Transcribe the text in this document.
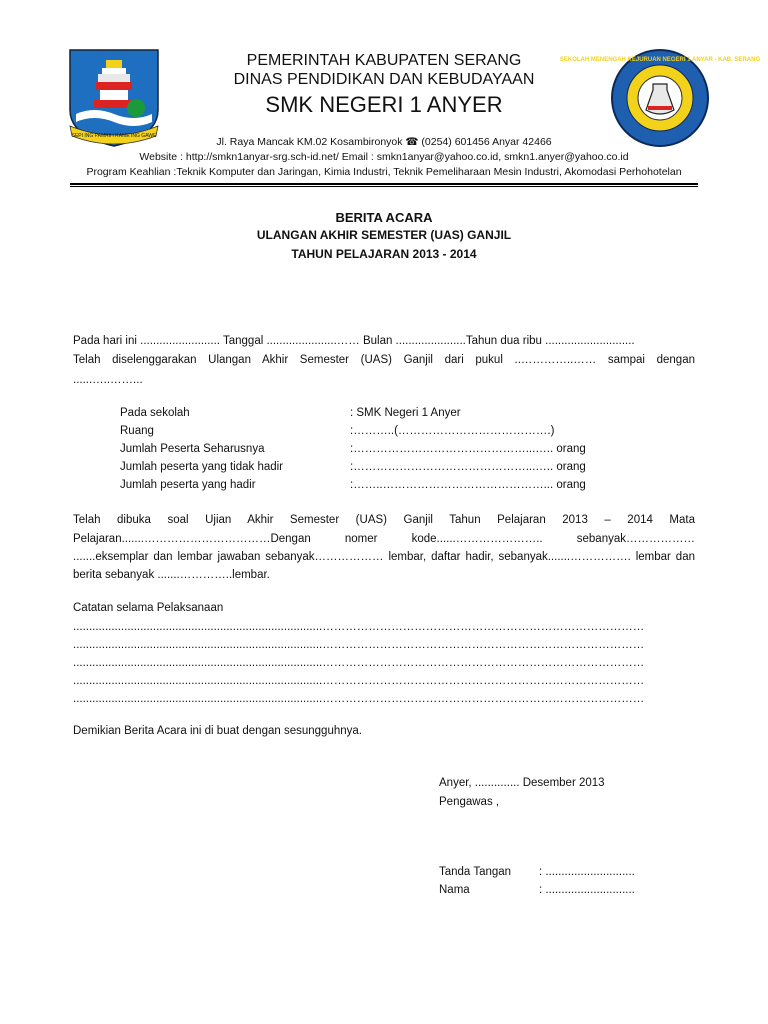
SEPI ING PAMRIH RAME ING GAWE
SEKOLAH MENENGAH KEJURUAN NEGERI 1 ANYAR - KAB. SERANG
PEMERINTAH KABUPATEN SERANG
DINAS PENDIDIKAN DAN KEBUDAYAAN
SMK NEGERI 1 ANYER
Jl. Raya Mancak KM.02 Kosambironyok ☎ (0254) 601456 Anyar 42466
Website : http://smkn1anyar-srg.sch-id.net/ Email : smkn1anyar@yahoo.co.id, smkn1.anyer@yahoo.co.id
Program Keahlian :Teknik Komputer dan Jaringan, Kimia Industri, Teknik Pemeliharaan Mesin Industri, Akomodasi Perhohotelan
BERITA ACARA
ULANGAN AKHIR SEMESTER (UAS) GANJIL
TAHUN PELAJARAN 2013 - 2014
Pada hari ini ......................... Tanggal ......................…… Bulan ......................Tahun dua ribu ............................
Telah diselenggarakan Ulangan Akhir Semester (UAS) Ganjil dari pukul ..…………..…… sampai dengan
......…..……...
Pada sekolah	: SMK Negeri 1 Anyer
Ruang	:………..(………………………………….)
Jumlah Peserta Seharusnya	:………………………………………...….. orang
Jumlah peserta yang tidak hadir	:………………………………………...….. orang
Jumlah peserta yang hadir	:……..……………………………………... orang
Telah dibuka soal Ujian Akhir Semester (UAS) Ganjil Tahun Pelajaran 2013 – 2014 Mata
Pelajaran.......……………………………Dengan nomer kode......………………….. sebanyak………………
.......eksemplar dan lembar jawaban sebanyak……………… lembar, daftar hadir, sebanyak.......……………. lembar dan
berita sebanyak .......…………..lembar.
Catatan selama Pelaksanaan
..............................................................................…………………………………………………………………………
..............................................................................…………………………………………………………………………
..............................................................................…………………………………………………………………………
..............................................................................…………………………………………………………………………
..............................................................................…………………………………………………………………………
Demikian Berita Acara ini di buat dengan sesungguhnya.
Anyer, .............. Desember 2013
Pengawas ,
Tanda Tangan : ............................
Nama	: ............................
